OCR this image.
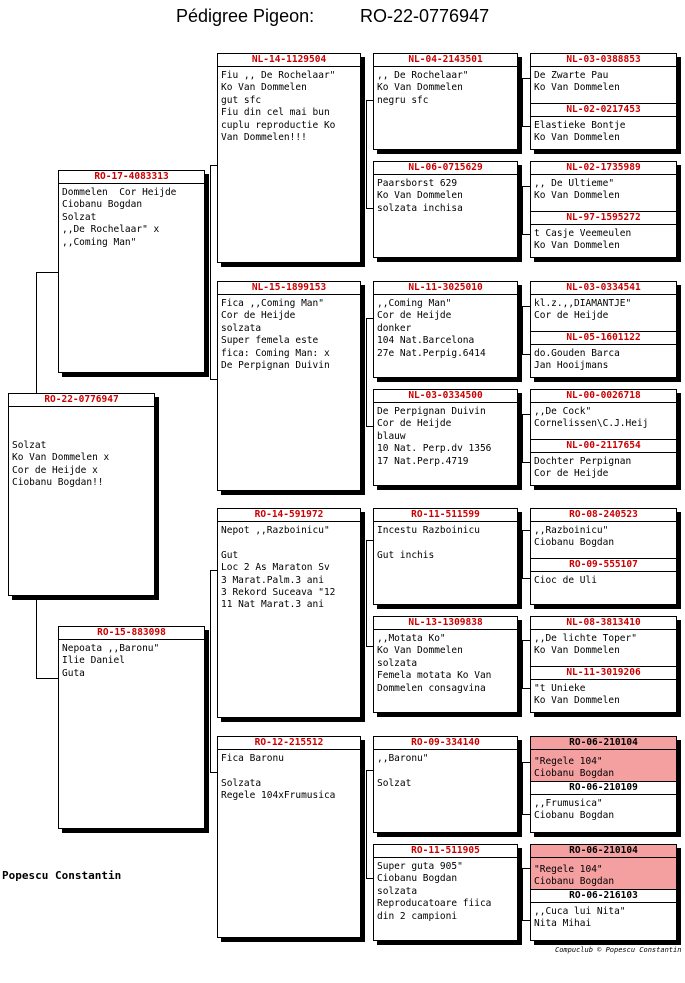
Pédigree Pigeon:	RO-22-0776947
RO-22-0776947
Solzat
Ko Van Dommelen x
Cor de Heijde x
Ciobanu Bogdan!!
RO-17-4083313
Dommelen  Cor Heijde
Ciobanu Bogdan
Solzat
,,De Rochelaar" x
,,Coming Man"
RO-15-883098
Nepoata ,,Baronu"
Ilie Daniel
Guta
NL-14-1129504
Fiu ,, De Rochelaar"
Ko Van Dommelen
gut sfc
Fiu din cel mai bun
cuplu reproductie Ko
Van Dommelen!!!
NL-15-1899153
Fica ,,Coming Man"
Cor de Heijde
solzata
Super femela este
fica: Coming Man: x
De Perpignan Duivin
RO-14-591972
Nepot ,,Razboinicu"

Gut
Loc 2 As Maraton Sv
3 Marat.Palm.3 ani
3 Rekord Suceava "12
11 Nat Marat.3 ani
RO-12-215512
Fica Baronu

Solzata
Regele 104xFrumusica
NL-04-2143501
,, De Rochelaar"
Ko Van Dommelen
negru sfc
NL-06-0715629
Paarsborst 629
Ko Van Dommelen
solzata inchisa
NL-11-3025010
,,Coming Man"
Cor de Heijde
donker
104 Nat.Barcelona
27e Nat.Perpig.6414
NL-03-0334500
De Perpignan Duivin
Cor de Heijde
blauw
10 Nat. Perp.dv 1356
17 Nat.Perp.4719
RO-11-511599
Incestu Razboinicu

Gut inchis
NL-13-1309838
,,Motata Ko"
Ko Van Dommelen
solzata
Femela motata Ko Van
Dommelen consagvina
RO-09-334140
,,Baronu"

Solzat
RO-11-511905
Super guta 905"
Ciobanu Bogdan
solzata
Reproducatoare fiica
din 2 campioni
NL-03-0388853
De Zwarte Pau
Ko Van Dommelen
NL-02-0217453
Elastieke Bontje
Ko Van Dommelen
NL-02-1735989
,, De Ultieme"
Ko Van Dommelen
NL-97-1595272
t Casje Veemeulen
Ko Van Dommelen
NL-03-0334541
kl.z.,,DIAMANTJE"
Cor de Heijde
NL-05-1601122
do.Gouden Barca
Jan Hooijmans
NL-00-0026718
,,De Cock"
Cornelissen\C.J.Heij
NL-00-2117654
Dochter Perpignan
Cor de Heijde
RO-08-240523
,,Razboinicu"
Ciobanu Bogdan
RO-09-555107
Cioc de Uli
NL-08-3813410
,,De lichte Toper"
Ko Van Dommelen
NL-11-3019206
"t Unieke
Ko Van Dommelen
RO-06-210104
"Regele 104"
Ciobanu Bogdan
RO-06-210109
,,Frumusica"
Ciobanu Bogdan
RO-06-210104
"Regele 104"
Ciobanu Bogdan
RO-06-216103
,,Cuca lui Nita"
Nita Mihai
Popescu Constantin
Compuclub © Popescu Constantin
